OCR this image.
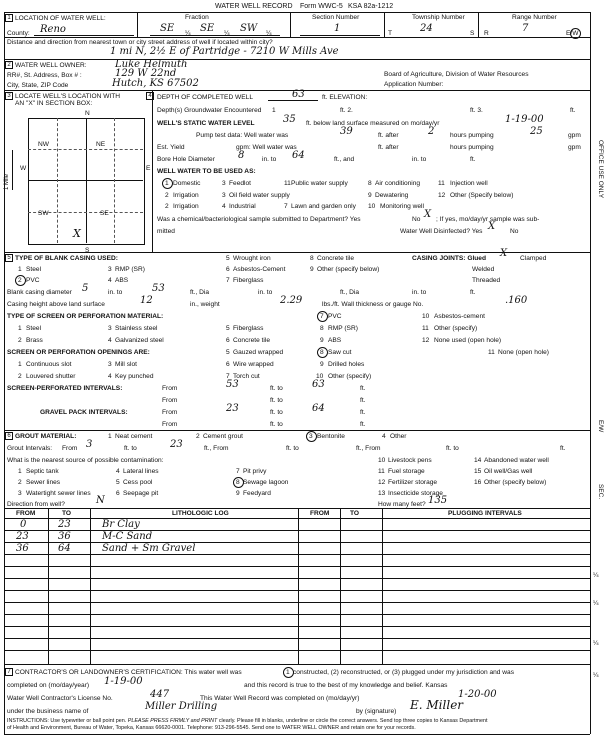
WATER WELL RECORD Form WWC-5 KSA 82a-1212
1 LOCATION OF WATER WELL:
County: Reno
Fraction
SE ¼ SE ¼ SW ¼
Section Number
1
Township Number
T	24	S
Range Number
R	7	E/W
Distance and direction from nearest town or city street address of well if located within city?
1 mi N, 2½ E of Partridge - 7210 W Mills Ave
2 WATER WELL OWNER:	Luke Helmuth
RR#, St. Address, Box # :	129 W 22nd
City, State, ZIP Code	Hutch, KS 67502
Board of Agriculture, Division of Water Resources
Application Number:
3 LOCATE WELL'S LOCATION WITH
AN "X" IN SECTION BOX:
N
S
W	E
1 Mile
NW	NE
SW	SE
X
4 DEPTH OF COMPLETED WELL	63	ft. ELEVATION:
Depth(s) Groundwater Encountered 1	ft. 2.	ft. 3.	ft.
WELL'S STATIC WATER LEVEL	35 ft. below land surface measured on mo/day/yr	1-19-00
Pump test data: Well water was	39	ft. after	2 hours pumping	25	gpm
Est. Yield	gpm: Well water was	ft. after	hours pumping	gpm
Bore Hole Diameter 8	in. to 64	ft., and	in. to	ft.
WELL WATER TO BE USED AS:
1 Domestic	3 Feedlot	11 Public water supply	8 Air conditioning	11 Injection well
3 Oil field water supply	9 Dewatering	12 Other (Specify below)
2 Irrigation
2 Irrigation	4 Industrial	7 Lawn and garden only 10 Monitoring well
Was a chemical/bacteriological sample submitted to Department? Yes	No X ; If yes, mo/day/yr sample was sub-
mitted	Water Well Disinfected? Yes X No
5 TYPE OF BLANK CASING USED:	5 Wrought iron	8 Concrete tile	CASING JOINTS: Glued X Clamped
1 Steel	3 RMP (SR)	6 Asbestos-Cement	9 Other (specify below)	Welded
2 PVC	4 ABS	7 Fiberglass	Threaded
Blank casing diameter 5	in. to	53	ft., Dia	in. to	ft., Dia	in. to	ft.
Casing height above land surface	12	in., weight	2.29	lbs./ft. Wall thickness or gauge No.	.160
TYPE OF SCREEN OR PERFORATION MATERIAL:	7 PVC	10 Asbestos-cement
1 Steel	3 Stainless steel	5 Fiberglass	8 RMP (SR)	11 Other (specify)
2 Brass	4 Galvanized steel	6 Concrete tile	9 ABS	12 None used (open hole)
SCREEN OR PERFORATION OPENINGS ARE:	5 Gauzed wrapped	8 Saw cut	11 None (open hole)
1 Continuous slot	3 Mill slot	6 Wire wrapped	9 Drilled holes
2 Louvered shutter	4 Key punched	7 Torch cut	10 Other (specify)
SCREEN-PERFORATED INTERVALS:	From	53	ft. to	63	ft.
From	ft. to	ft.
GRAVEL PACK INTERVALS:	From	23	ft. to	64	ft.
From	ft. to	ft.
6 GROUT MATERIAL:	1 Neat cement	2 Cement grout	3 Bentonite	4 Other
Grout Intervals: From 3	ft. to	23	ft., From	ft. to	ft., From	ft. to	ft.
What is the nearest source of possible contamination:	10 Livestock pens	14 Abandoned water well
1 Septic tank	4 Lateral lines	7 Pit privy	11 Fuel storage	15 Oil well/Gas well
2 Sewer lines	5 Cess pool	8 Sewage lagoon	12 Fertilizer storage	16 Other (specify below)
3 Watertight sewer lines	6 Seepage pit	9 Feedyard	13 Insecticide storage
Direction from well?	N	How many feet? 135
FROM	TO	LITHOLOGIC LOG	FROM	TO	PLUGGING INTERVALS
0	23	Br Clay
23	36	M-C Sand
36	64	Sand + Sm Gravel
7 CONTRACTOR'S OR LANDOWNER'S CERTIFICATION: This water well was	1 constructed, (2) reconstructed, or (3) plugged under my jurisdiction and was
completed on (mo/day/year) 1-19-00	and this record is true to the best of my knowledge and belief. Kansas
Water Well Contractor's License No.	447	This Water Well Record was completed on (mo/day/yr)	1-20-00
under the business name of	Miller Drilling	by (signature) E. Miller
INSTRUCTIONS: Use typewriter or ball point pen. PLEASE PRESS FIRMLY and PRINT clearly. Please fill in blanks, underline or circle the correct answers. Send top three copies to Kansas Department
of Health and Environment, Bureau of Water, Topeka, Kansas 66620-0001. Telephone: 913-296-5545. Send one to WATER WELL OWNER and retain one for your records.
OFFICE USE ONLY
E/W
SEC.
¼
¼
¼
¼
